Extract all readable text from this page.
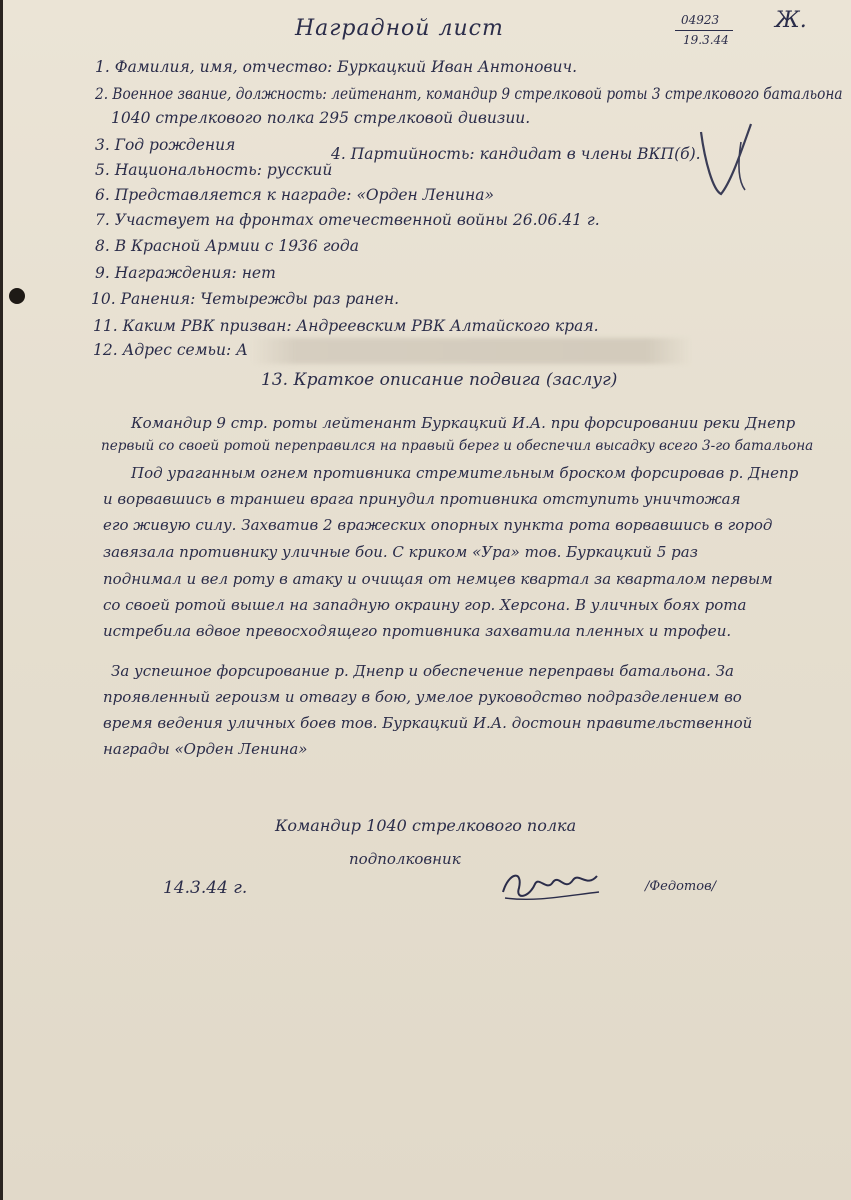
Наградной лист	04923
19.3.44
Ж.
1. Фамилия, имя, отчество: Буркацкий Иван Антонович.
2. Военное звание, должность: лейтенант, командир 9 стрелковой роты 3 стрелкового батальона
1040 стрелкового полка 295 стрелковой дивизии.
3. Год рождения	4. Партийность: кандидат в члены ВКП(б).
5. Национальность: русский
6. Представляется к награде: «Орден Ленина»
7. Участвует на фронтах отечественной войны 26.06.41 г.
8. В Красной Армии с 1936 года
9. Награждения: нет
10. Ранения: Четырежды раз ранен.
11. Каким РВК призван: Андреевским РВК Алтайского края.
12. Адрес семьи: А
13. Краткое описание подвига (заслуг)
Командир 9 стр. роты лейтенант Буркацкий И.А. при форсировании реки Днепр
первый со своей ротой переправился на правый берег и обеспечил высадку всего 3-го батальона
Под ураганным огнем противника стремительным броском форсировав р. Днепр
и ворвавшись в траншеи врага принудил противника отступить уничтожая
его живую силу. Захватив 2 вражеских опорных пункта рота ворвавшись в город
завязала противнику уличные бои. С криком «Ура» тов. Буркацкий 5 раз
поднимал и вел роту в атаку и очищая от немцев квартал за кварталом первым
со своей ротой вышел на западную окраину гор. Херсона. В уличных боях рота
истребила вдвое превосходящего противника захватила пленных и трофеи.
За успешное форсирование р. Днепр и обеспечение переправы батальона. За
проявленный героизм и отвагу в бою, умелое руководство подразделением во
время ведения уличных боев тов. Буркацкий И.А. достоин правительственной
награды «Орден Ленина»
Командир 1040 стрелкового полка
подполковник
14.3.44 г.	/Федотов/
